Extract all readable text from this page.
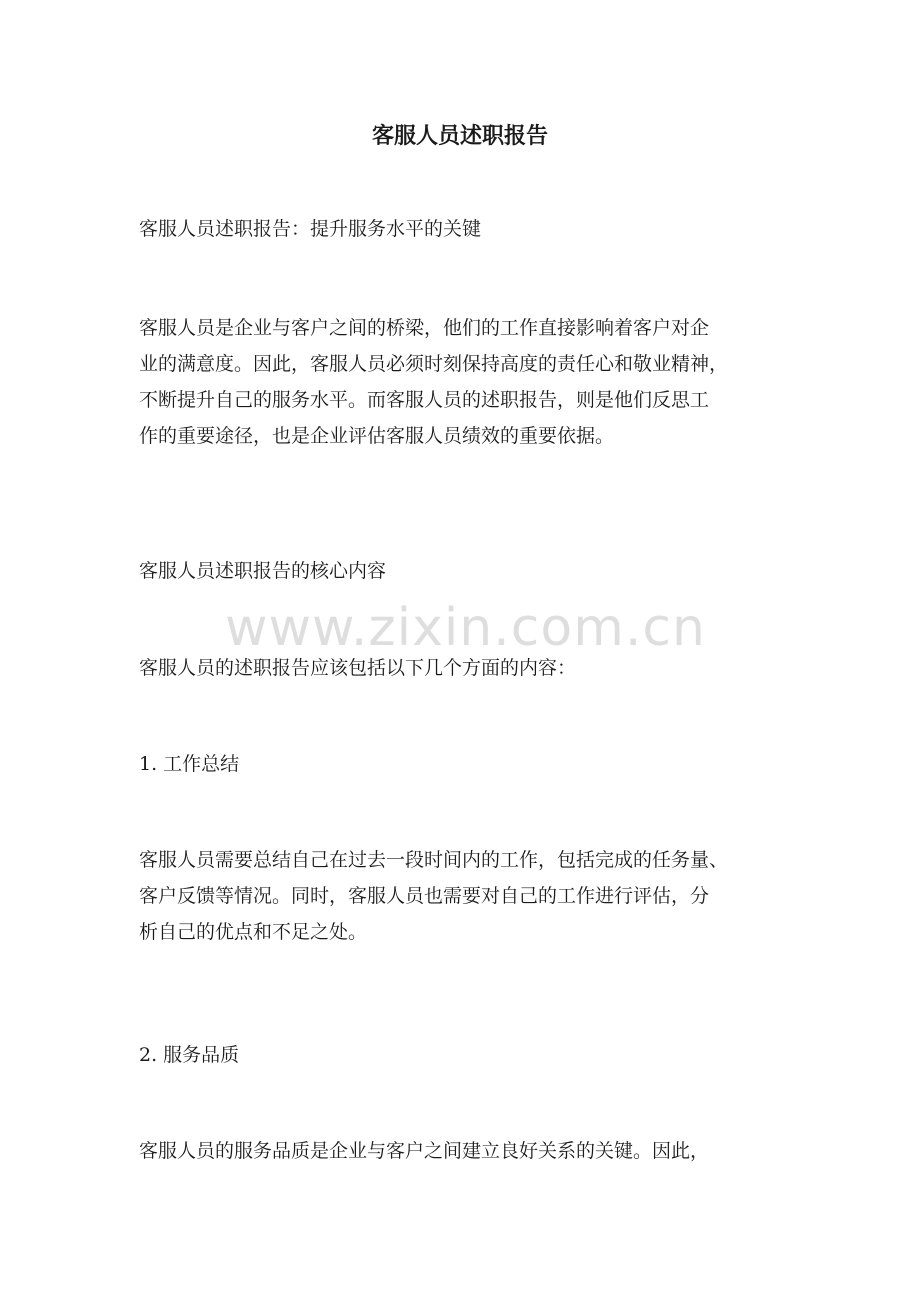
客服人员述职报告

客服人员述职报告：提升服务水平的关键

客服人员是企业与客户之间的桥梁，他们的工作直接影响着客户对企
业的满意度。因此，客服人员必须时刻保持高度的责任心和敬业精神，
不断提升自己的服务水平。而客服人员的述职报告，则是他们反思工
作的重要途径，也是企业评估客服人员绩效的重要依据。

客服人员述职报告的核心内容

客服人员的述职报告应该包括以下几个方面的内容：

1. 工作总结

客服人员需要总结自己在过去一段时间内的工作，包括完成的任务量、
客户反馈等情况。同时，客服人员也需要对自己的工作进行评估，分
析自己的优点和不足之处。

2. 服务品质

客服人员的服务品质是企业与客户之间建立良好关系的关键。因此，
www.zixin.com.cn
